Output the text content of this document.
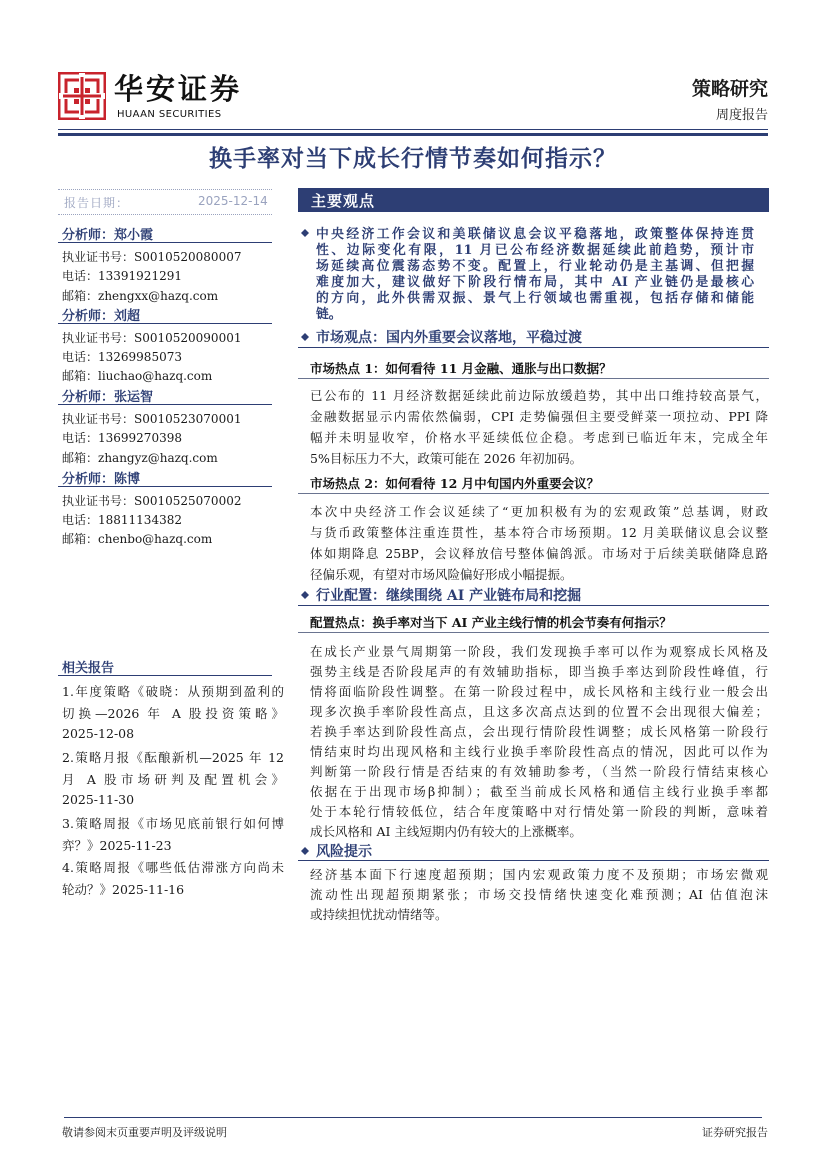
华安证券
HUAAN SECURITIES
策略研究
周度报告
换手率对当下成长行情节奏如何指示？
报告日期：	2025-12-14
分析师：郑小霞
执业证书号：S0010520080007
电话：13391921291
邮箱：zhengxx@hazq.com
分析师：刘超
执业证书号：S0010520090001
电话：13269985073
邮箱：liuchao@hazq.com
分析师：张运智
执业证书号：S0010523070001
电话：13699270398
邮箱：zhangyz@hazq.com
分析师：陈博
执业证书号：S0010525070002
电话：18811134382
邮箱：chenbo@hazq.com
相关报告
1.年度策略《破晓：从预期到盈利的
切换—2026 年 A 股投资策略》
2025-12-08
2.策略月报《酝酿新机—2025 年 12
月 A 股市场研判及配置机会》
2025-11-30
3.策略周报《市场见底前银行如何博
弈？》2025-11-23
4.策略周报《哪些低估滞涨方向尚未
轮动？》2025-11-16
主要观点
中央经济工作会议和美联储议息会议平稳落地，政策整体保持连贯
性、边际变化有限，11 月已公布经济数据延续此前趋势，预计市
场延续高位震荡态势不变。配置上，行业轮动仍是主基调、但把握
难度加大，建议做好下阶段行情布局，其中 AI 产业链仍是最核心
的方向，此外供需双振、景气上行领域也需重视，包括存储和储能
链。
市场观点：国内外重要会议落地，平稳过渡
市场热点 1：如何看待 11 月金融、通胀与出口数据？
已公布的 11 月经济数据延续此前边际放缓趋势，其中出口维持较高景气，
金融数据显示内需依然偏弱，CPI 走势偏强但主要受鲜菜一项拉动、PPI 降
幅并未明显收窄，价格水平延续低位企稳。考虑到已临近年末，完成全年
5%目标压力不大，政策可能在 2026 年初加码。
市场热点 2：如何看待 12 月中旬国内外重要会议？
本次中央经济工作会议延续了“更加积极有为的宏观政策”总基调，财政
与货币政策整体注重连贯性，基本符合市场预期。12 月美联储议息会议整
体如期降息 25BP，会议释放信号整体偏鸽派。市场对于后续美联储降息路
径偏乐观，有望对市场风险偏好形成小幅提振。
行业配置：继续围绕 AI 产业链布局和挖掘
配置热点：换手率对当下 AI 产业主线行情的机会节奏有何指示？
在成长产业景气周期第一阶段，我们发现换手率可以作为观察成长风格及
强势主线是否阶段尾声的有效辅助指标，即当换手率达到阶段性峰值，行
情将面临阶段性调整。在第一阶段过程中，成长风格和主线行业一般会出
现多次换手率阶段性高点，且这多次高点达到的位置不会出现很大偏差；
若换手率达到阶段性高点，会出现行情阶段性调整；成长风格第一阶段行
情结束时均出现风格和主线行业换手率阶段性高点的情况，因此可以作为
判断第一阶段行情是否结束的有效辅助参考，（当然一阶段行情结束核心
依据在于出现市场β抑制）；截至当前成长风格和通信主线行业换手率都
处于本轮行情较低位，结合年度策略中对行情处第一阶段的判断，意味着
成长风格和 AI 主线短期内仍有较大的上涨概率。
风险提示
经济基本面下行速度超预期；国内宏观政策力度不及预期；市场宏微观
流动性出现超预期紧张；市场交投情绪快速变化难预测；AI 估值泡沫
或持续担忧扰动情绪等。
敬请参阅末页重要声明及评级说明	证券研究报告
